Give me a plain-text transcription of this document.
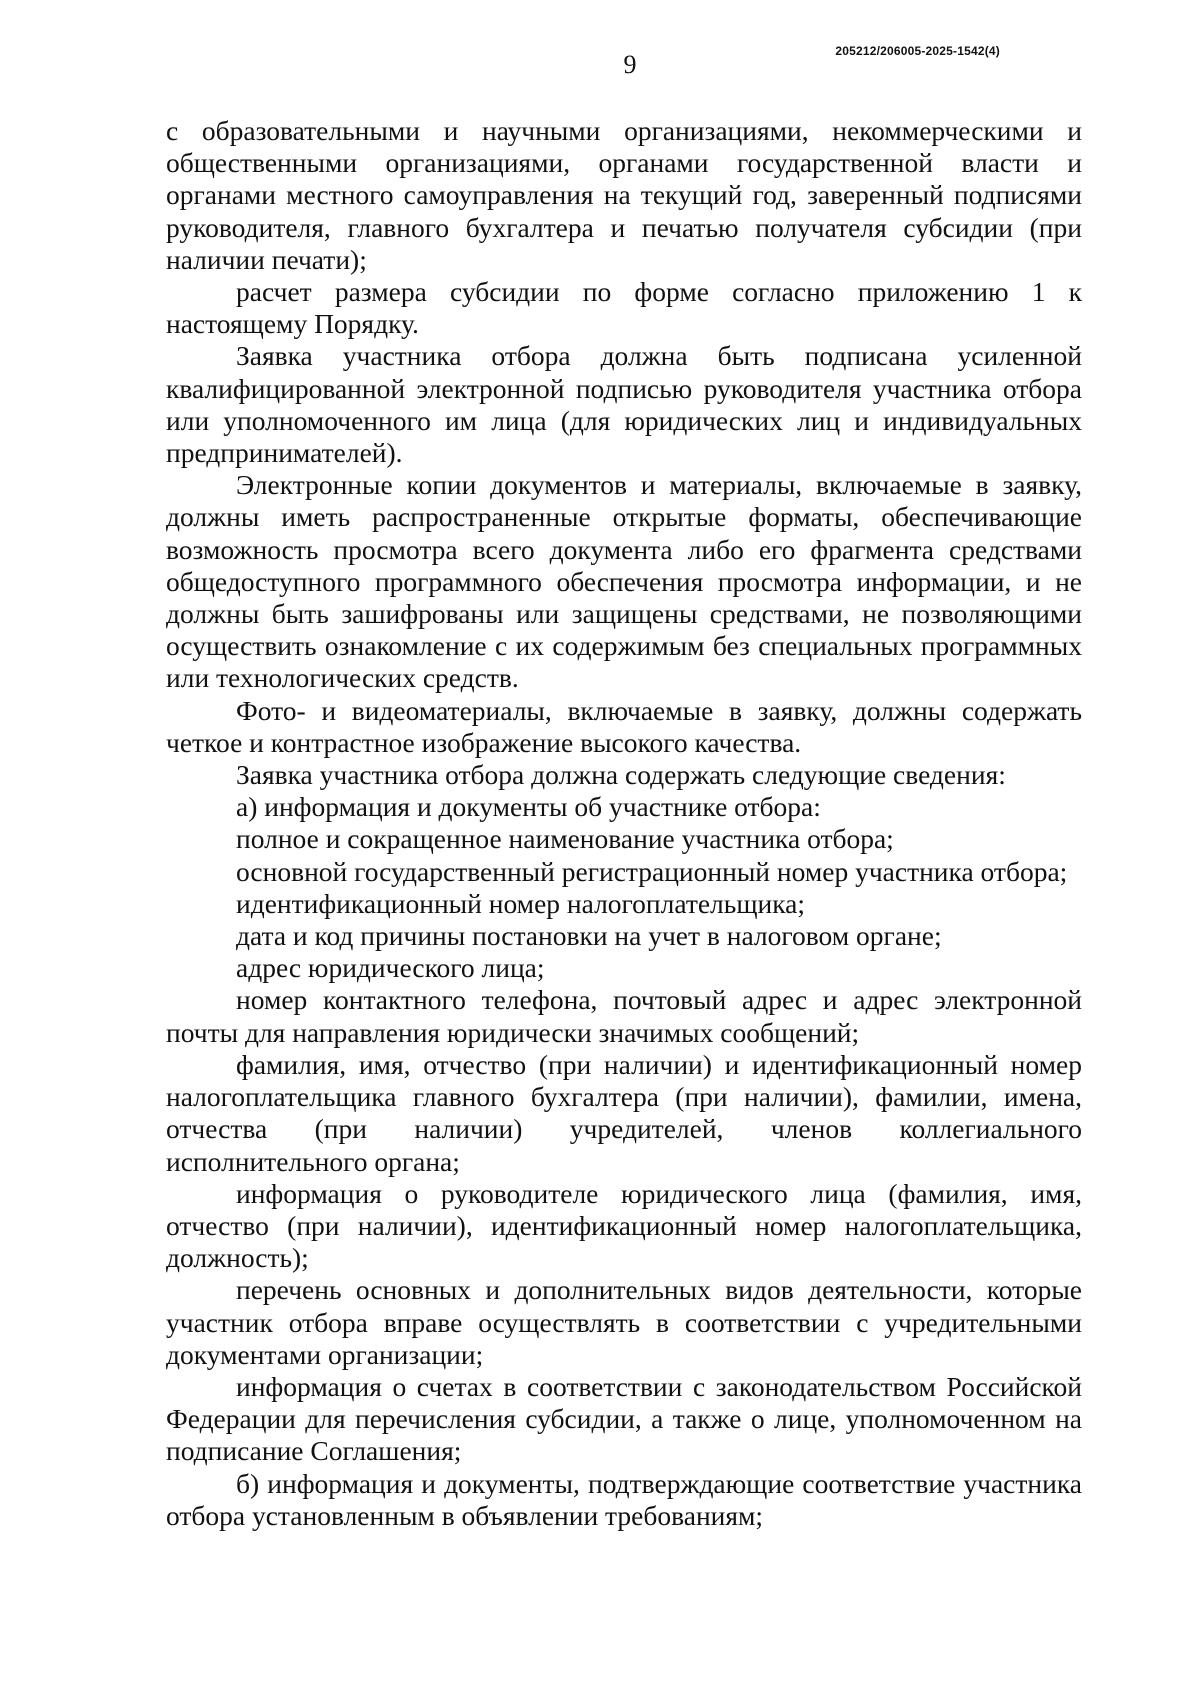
9	205212/206005-2025-1542(4)

с образовательными и научными организациями, некоммерческими и общественными организациями, органами государственной власти и органами местного самоуправления на текущий год, заверенный подписями руководителя, главного бухгалтера и печатью получателя субсидии (при наличии печати);

расчет размера субсидии по форме согласно приложению 1 к настоящему Порядку.

Заявка участника отбора должна быть подписана усиленной квалифицированной электронной подписью руководителя участника отбора или уполномоченного им лица (для юридических лиц и индивидуальных предпринимателей).

Электронные копии документов и материалы, включаемые в заявку, должны иметь распространенные открытые форматы, обеспечивающие возможность просмотра всего документа либо его фрагмента средствами общедоступного программного обеспечения просмотра информации, и не должны быть зашифрованы или защищены средствами, не позволяющими осуществить ознакомление с их содержимым без специальных программных или технологических средств.

Фото- и видеоматериалы, включаемые в заявку, должны содержать четкое и контрастное изображение высокого качества.

Заявка участника отбора должна содержать следующие сведения:

а) информация и документы об участнике отбора:

полное и сокращенное наименование участника отбора;

основной государственный регистрационный номер участника отбора;

идентификационный номер налогоплательщика;

дата и код причины постановки на учет в налоговом органе;

адрес юридического лица;

номер контактного телефона, почтовый адрес и адрес электронной почты для направления юридически значимых сообщений;

фамилия, имя, отчество (при наличии) и идентификационный номер налогоплательщика главного бухгалтера (при наличии), фамилии, имена, отчества (при наличии) учредителей, членов коллегиального исполнительного органа;

информация о руководителе юридического лица (фамилия, имя, отчество (при наличии), идентификационный номер налогоплательщика, должность);

перечень основных и дополнительных видов деятельности, которые участник отбора вправе осуществлять в соответствии с учредительными документами организации;

информация о счетах в соответствии с законодательством Российской Федерации для перечисления субсидии, а также о лице, уполномоченном на подписание Соглашения;

б) информация и документы, подтверждающие соответствие участника отбора установленным в объявлении требованиям;
